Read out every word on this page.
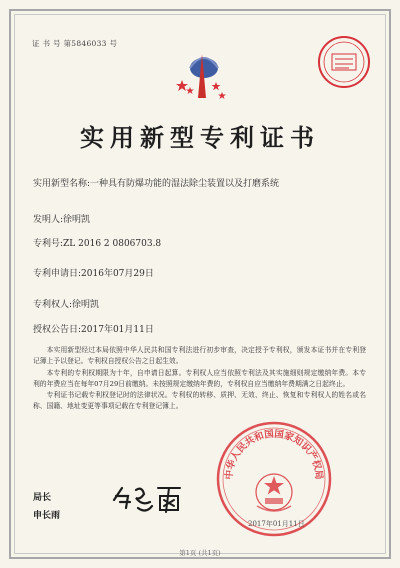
证 书 号 第5846033 号
实用新型专利证书
实用新型名称:一种具有防爆功能的湿法除尘装置以及打磨系统
发明人:徐明凯
专利号:ZL 2016 2 0806703.8
专利申请日:2016年07月29日
专利权人:徐明凯
授权公告日:2017年01月11日

本实用新型经过本局依照中华人民共和国专利法进行初步审查，决定授予专利权，颁发本证书并在专利登记簿上予以登记。专利权自授权公告之日起生效。

本专利的专利权期限为十年，自申请日起算。专利权人应当依照专利法及其实施细则规定缴纳年费。本专利的年费应当在每年07月29日前缴纳。未按照规定缴纳年费的，专利权自应当缴纳年费期满之日起终止。

专利证书记载专利权登记时的法律状况。专利权的转移、质押、无效、终止、恢复和专利权人的姓名或名称、国籍、地址变更等事项记载在专利登记簿上。

中华人民共和国国家知识产权局
局长
申长雨
2017年01月11日
第1页 (共1页)
